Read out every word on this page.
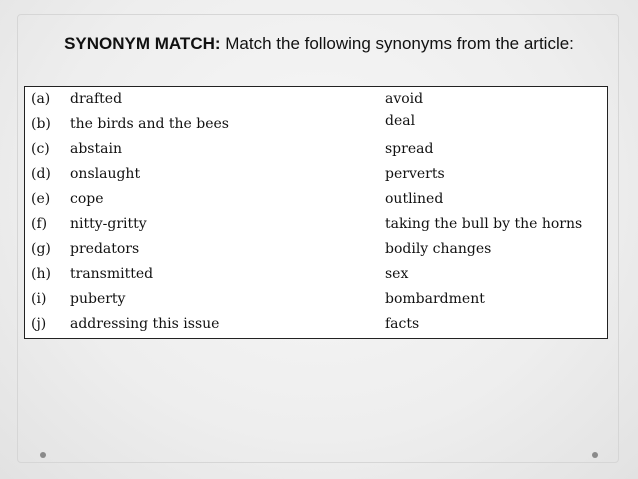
SYNONYM MATCH: Match the following synonyms from the article:
(a) drafted	avoid
(b) the birds and the bees	deal
(c) abstain	spread
(d) onslaught	perverts
(e) cope	outlined
(f) nitty-gritty	taking the bull by the horns
(g) predators	bodily changes
(h) transmitted	sex
(i) puberty	bombardment
(j) addressing this issue	facts
